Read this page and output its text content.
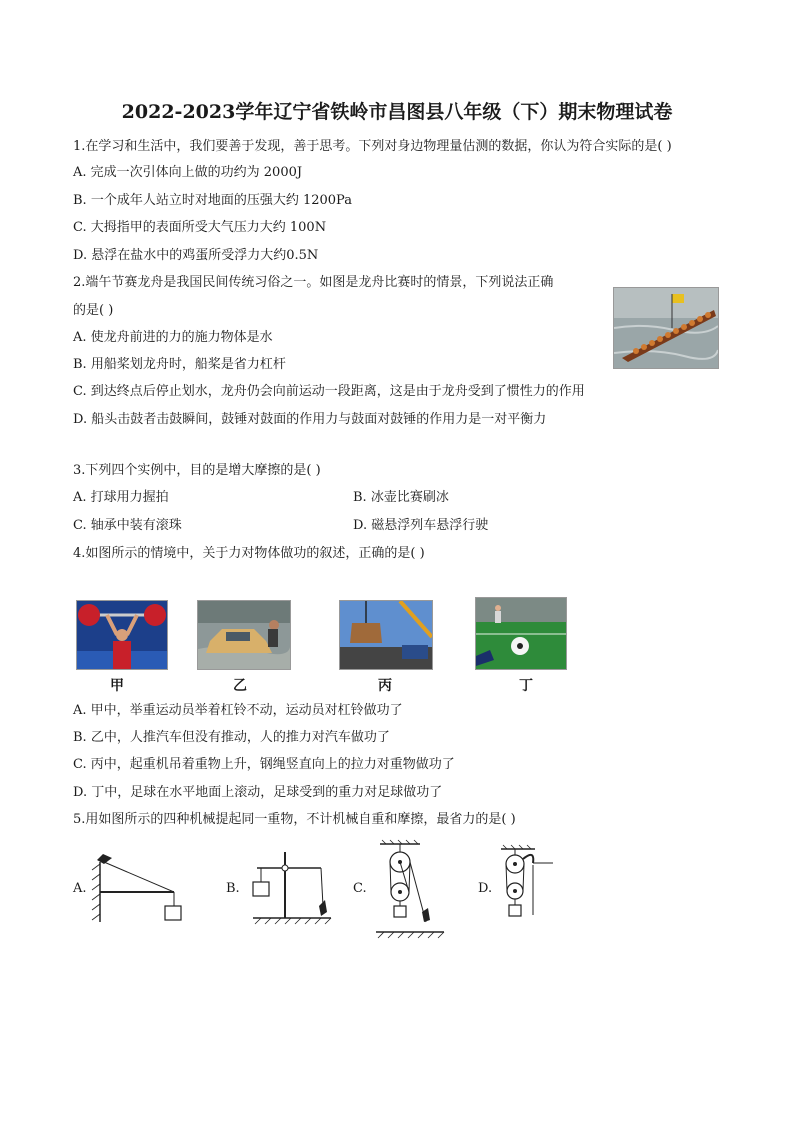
2022-2023学年辽宁省铁岭市昌图县八年级（下）期末物理试卷
1.在学习和生活中，我们要善于发现，善于思考。下列对身边物理量估测的数据，你认为符合实际的是( )
A. 完成一次引体向上做的功约为 2000J
B. 一个成年人站立时对地面的压强大约 1200Pa
C. 大拇指甲的表面所受大气压力大约 100N
D. 悬浮在盐水中的鸡蛋所受浮力大约0.5N
2.端午节赛龙舟是我国民间传统习俗之一。如图是龙舟比赛时的情景，下列说法正确
的是( )
A. 使龙舟前进的力的施力物体是水
B. 用船桨划龙舟时，船桨是省力杠杆
C. 到达终点后停止划水，龙舟仍会向前运动一段距离，这是由于龙舟受到了惯性力的作用
D. 船头击鼓者击鼓瞬间，鼓锤对鼓面的作用力与鼓面对鼓锤的作用力是一对平衡力
3.下列四个实例中，目的是增大摩擦的是( )
A. 打球用力握拍	B. 冰壶比赛刷冰
C. 轴承中装有滚珠	D. 磁悬浮列车悬浮行驶
4.如图所示的情境中，关于力对物体做功的叙述，正确的是( )
甲	乙	丙	丁
A. 甲中，举重运动员举着杠铃不动，运动员对杠铃做功了
B. 乙中，人推汽车但没有推动，人的推力对汽车做功了
C. 丙中，起重机吊着重物上升，钢绳竖直向上的拉力对重物做功了
D. 丁中，足球在水平地面上滚动，足球受到的重力对足球做功了
5.用如图所示的四种机械提起同一重物，不计机械自重和摩擦，最省力的是( )
A.	B.	C.	D.
